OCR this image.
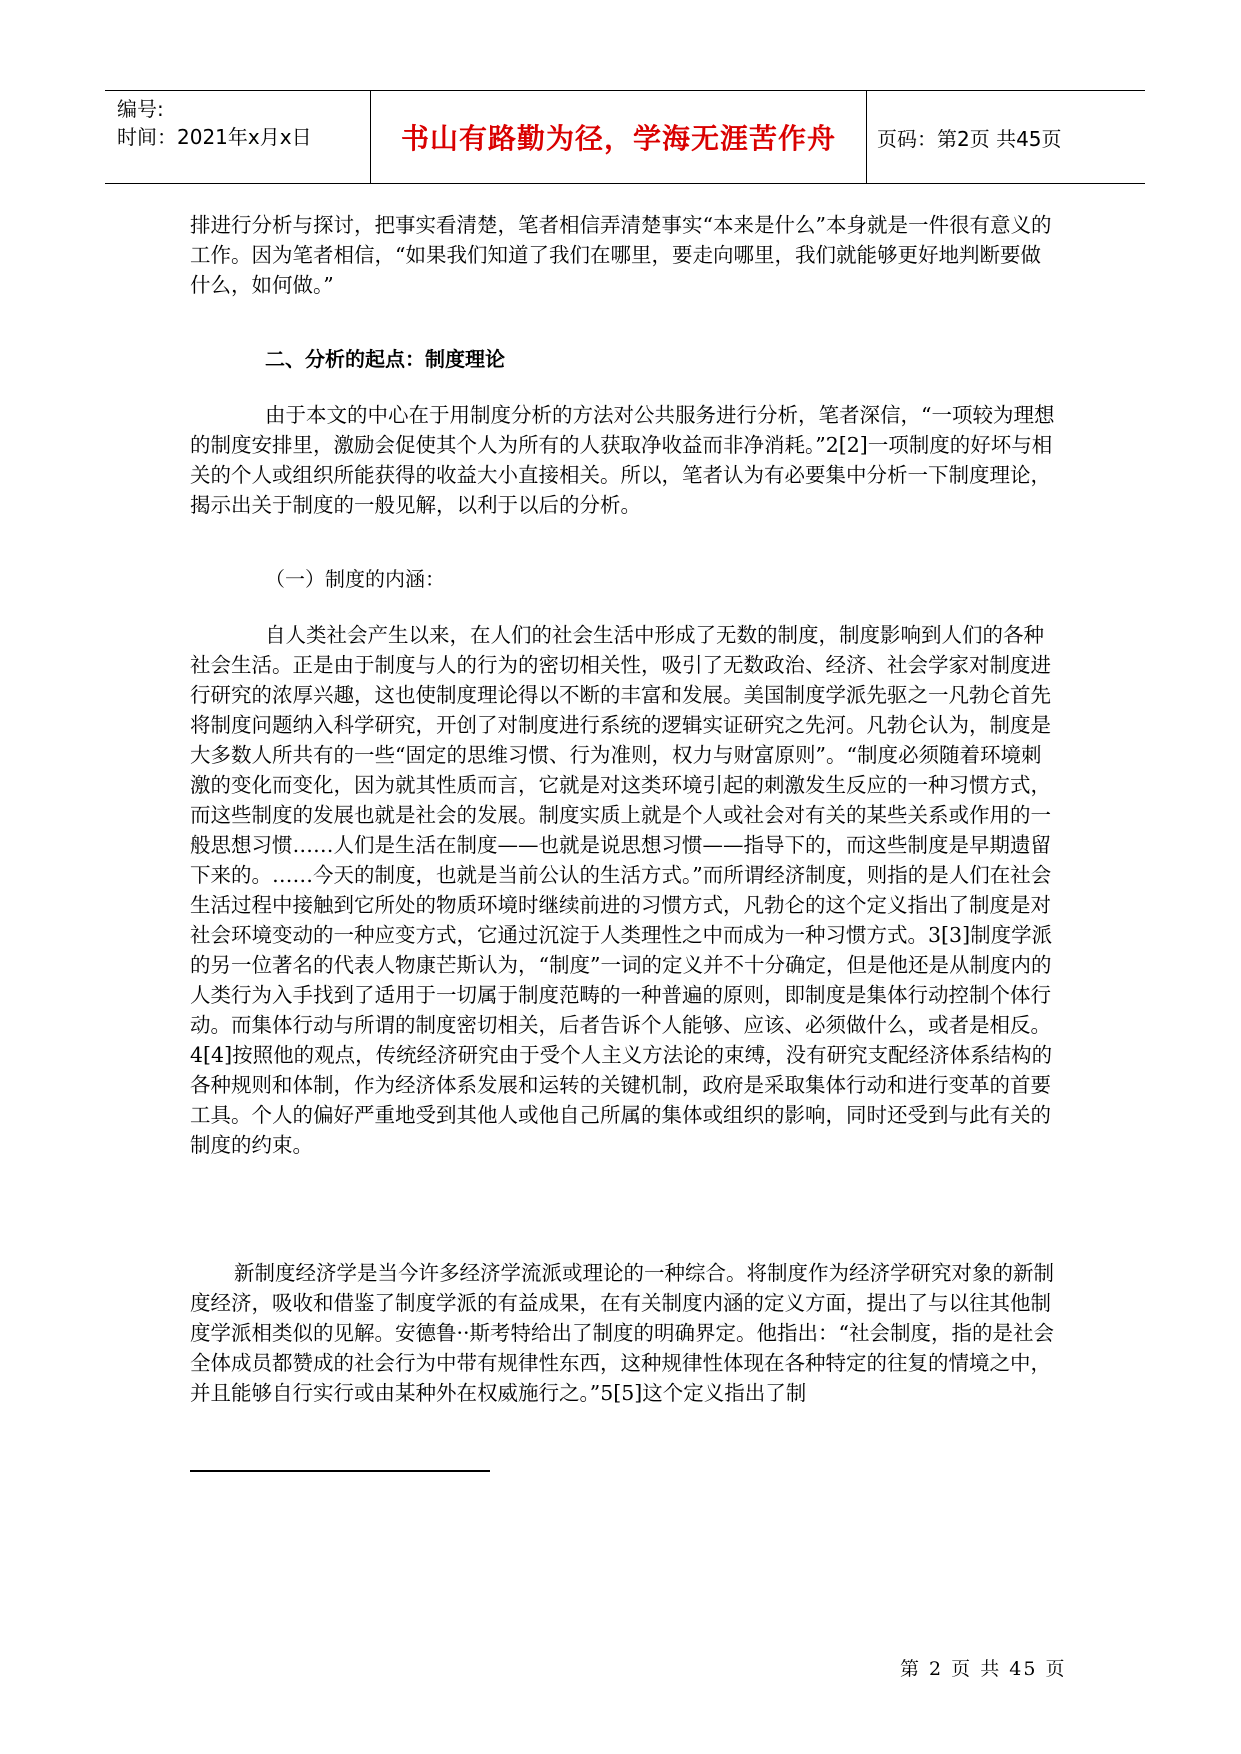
编号:
时间：2021年x月x日	书山有路勤为径，学海无涯苦作舟	页码：第2页 共45页

排进行分析与探讨，把事实看清楚，笔者相信弄清楚事实“本来是什么”本身就是一件很有意义的工作。因为笔者相信，“如果我们知道了我们在哪里，要走向哪里，我们就能够更好地判断要做什么，如何做。”

二、分析的起点：制度理论

由于本文的中心在于用制度分析的方法对公共服务进行分析，笔者深信，“一项较为理想的制度安排里，激励会促使其个人为所有的人获取净收益而非净消耗。”2[2]一项制度的好坏与相关的个人或组织所能获得的收益大小直接相关。所以，笔者认为有必要集中分析一下制度理论，揭示出关于制度的一般见解，以利于以后的分析。

（一）制度的内涵：

自人类社会产生以来，在人们的社会生活中形成了无数的制度，制度影响到人们的各种社会生活。正是由于制度与人的行为的密切相关性，吸引了无数政治、经济、社会学家对制度进行研究的浓厚兴趣，这也使制度理论得以不断的丰富和发展。美国制度学派先驱之一凡勃仑首先将制度问题纳入科学研究，开创了对制度进行系统的逻辑实证研究之先河。凡勃仑认为，制度是大多数人所共有的一些“固定的思维习惯、行为准则，权力与财富原则”。“制度必须随着环境刺激的变化而变化，因为就其性质而言，它就是对这类环境引起的刺激发生反应的一种习惯方式，而这些制度的发展也就是社会的发展。制度实质上就是个人或社会对有关的某些关系或作用的一般思想习惯……人们是生活在制度——也就是说思想习惯——指导下的，而这些制度是早期遗留下来的。……今天的制度，也就是当前公认的生活方式。”而所谓经济制度，则指的是人们在社会生活过程中接触到它所处的物质环境时继续前进的习惯方式，凡勃仑的这个定义指出了制度是对社会环境变动的一种应变方式，它通过沉淀于人类理性之中而成为一种习惯方式。3[3]制度学派的另一位著名的代表人物康芒斯认为，“制度”一词的定义并不十分确定，但是他还是从制度内的人类行为入手找到了适用于一切属于制度范畴的一种普遍的原则，即制度是集体行动控制个体行动。而集体行动与所谓的制度密切相关，后者告诉个人能够、应该、必须做什么，或者是相反。4[4]按照他的观点，传统经济研究由于受个人主义方法论的束缚，没有研究支配经济体系结构的各种规则和体制，作为经济体系发展和运转的关键机制，政府是采取集体行动和进行变革的首要工具。个人的偏好严重地受到其他人或他自己所属的集体或组织的影响，同时还受到与此有关的制度的约束。

新制度经济学是当今许多经济学流派或理论的一种综合。将制度作为经济学研究对象的新制度经济，吸收和借鉴了制度学派的有益成果，在有关制度内涵的定义方面，提出了与以往其他制度学派相类似的见解。安德鲁··斯考特给出了制度的明确界定。他指出：“社会制度，指的是社会全体成员都赞成的社会行为中带有规律性东西，这种规律性体现在各种特定的往复的情境之中，并且能够自行实行或由某种外在权威施行之。”5[5]这个定义指出了制

第 2 页 共 45 页
